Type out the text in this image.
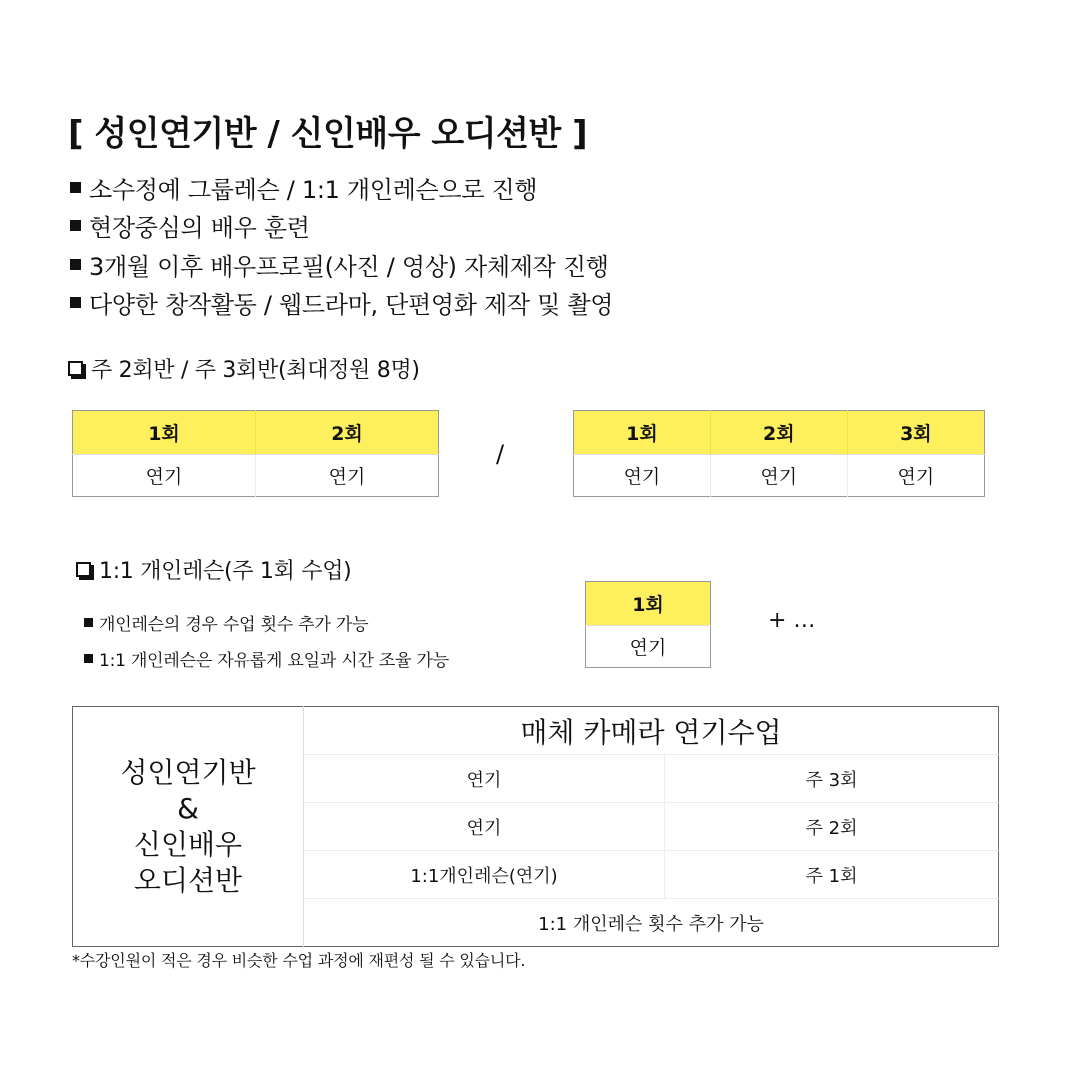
[ 성인연기반 / 신인배우 오디션반 ]
소수정예 그룹레슨 / 1:1 개인레슨으로 진행
현장중심의 배우 훈련
3개월 이후 배우프로필(사진 / 영상) 자체제작 진행
다양한 창작활동 / 웹드라마, 단편영화 제작 및 촬영
주 2회반 / 주 3회반(최대정원 8명)
1회	2회
연기	연기
/
1회	2회	3회
연기	연기	연기
1:1 개인레슨(주 1회 수업)
개인레슨의 경우 수업 횟수 추가 가능
1:1 개인레슨은 자유롭게 요일과 시간 조율 가능
1회
연기
+ …
성인연기반
&
신인배우
오디션반	매체 카메라 연기수업	
	연기	주 3회
	연기	주 2회
	1:1개인레슨(연기)	주 1회
	1:1 개인레슨 횟수 추가 가능	
*수강인원이 적은 경우 비슷한 수업 과정에 재편성 될 수 있습니다.
